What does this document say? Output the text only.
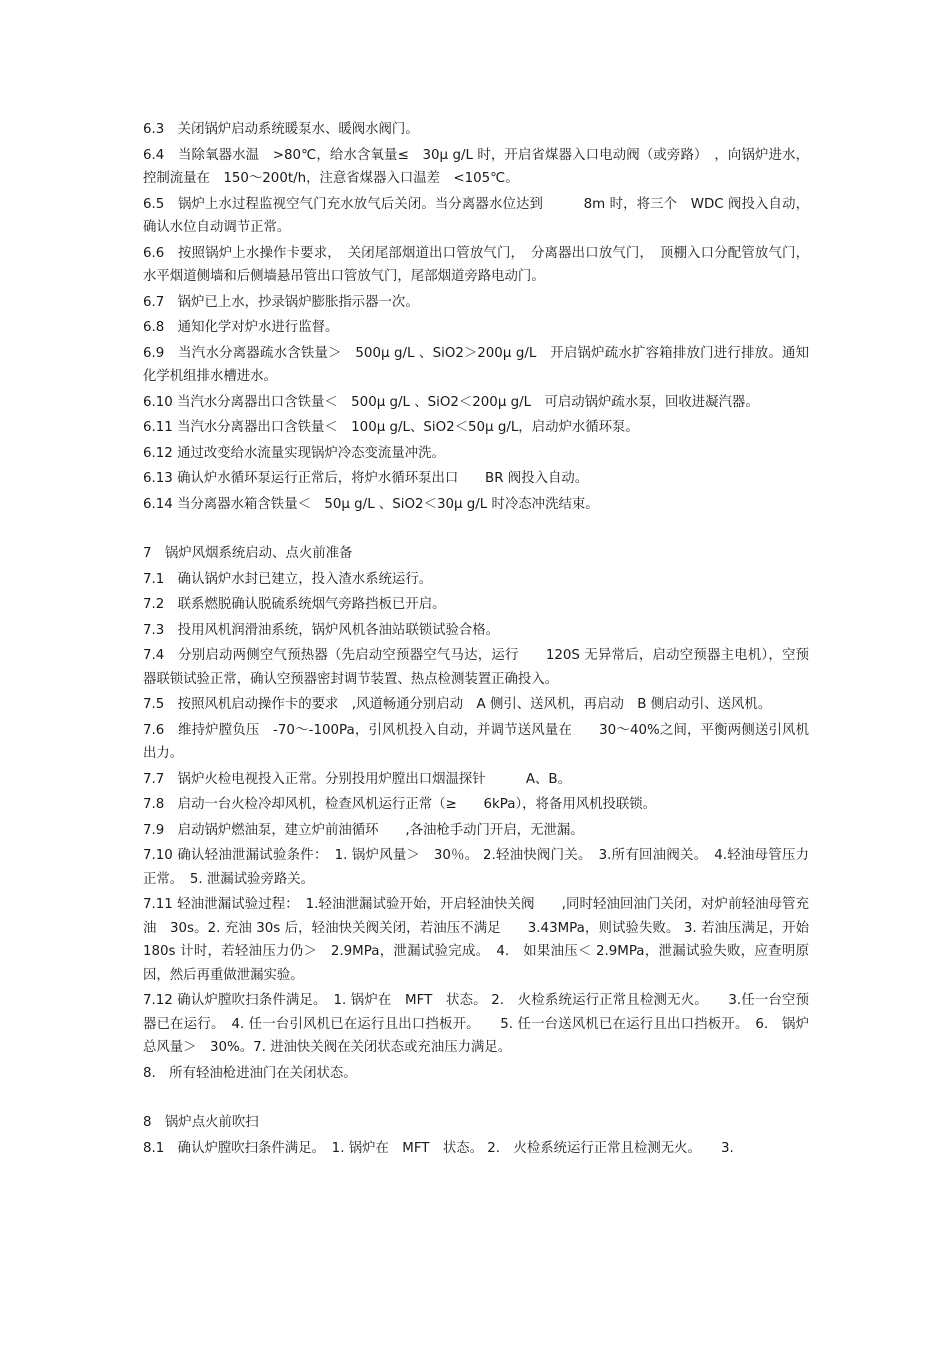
6.3　关闭锅炉启动系统暖泵水、暖阀水阀门。

6.4　当除氧器水温　>80℃，给水含氧量≤　30μ g/L 时，开启省煤器入口电动阀（或旁路）　，向锅炉进水，控制流量在　150～200t/h，注意省煤器入口温差　<105℃。

6.5　锅炉上水过程监视空气门充水放气后关闭。当分离器水位达到　　　8m 时，将三个　WDC 阀投入自动，确认水位自动调节正常。

6.6　按照锅炉上水操作卡要求，　关闭尾部烟道出口管放气门，　分离器出口放气门，　顶棚入口分配管放气门，水平烟道侧墙和后侧墙悬吊管出口管放气门，尾部烟道旁路电动门。

6.7　锅炉已上水，抄录锅炉膨胀指示器一次。

6.8　通知化学对炉水进行监督。

6.9　当汽水分离器疏水含铁量＞　500μ g/L 、SiO2＞200μ g/L　开启锅炉疏水扩容箱排放门进行排放。通知化学机组排水槽进水。

6.10 当汽水分离器出口含铁量＜　500μ g/L 、SiO2＜200μ g/L　可启动锅炉疏水泵，回收进凝汽器。

6.11 当汽水分离器出口含铁量＜　100μ g/L、SiO2＜50μ g/L，启动炉水循环泵。

6.12 通过改变给水流量实现锅炉冷态变流量冲洗。

6.13 确认炉水循环泵运行正常后，将炉水循环泵出口　　BR 阀投入自动。

6.14 当分离器水箱含铁量＜　50μ g/L 、SiO2＜30μ g/L 时冷态冲洗结束。

7　锅炉风烟系统启动、点火前准备

7.1　确认锅炉水封已建立，投入渣水系统运行。

7.2　联系燃脱确认脱硫系统烟气旁路挡板已开启。

7.3　投用风机润滑油系统，锅炉风机各油站联锁试验合格。

7.4　分别启动两侧空气预热器（先启动空预器空气马达，运行　　120S 无异常后，启动空预器主电机），空预器联锁试验正常，确认空预器密封调节装置、热点检测装置正确投入。

7.5　按照风机启动操作卡的要求　,风道畅通分别启动　A 侧引、送风机，再启动　B 侧启动引、送风机。

7.6　维持炉膛负压　-70～-100Pa，引风机投入自动，并调节送风量在　　30～40%之间，平衡两侧送引风机出力。

7.7　锅炉火检电视投入正常。分别投用炉膛出口烟温探针　　　A、B。

7.8　启动一台火检冷却风机，检查风机运行正常（≥　　6kPa），将备用风机投联锁。

7.9　启动锅炉燃油泵，建立炉前油循环　　,各油枪手动门开启，无泄漏。

7.10 确认轻油泄漏试验条件：　1. 锅炉风量＞　30％。 2.轻油快阀门关。　3.所有回油阀关。　4.轻油母管压力正常。　5. 泄漏试验旁路关。

7.11 轻油泄漏试验过程：　1.轻油泄漏试验开始，开启轻油快关阀　　,同时轻油回油门关闭，对炉前轻油母管充油　30s。2. 充油 30s 后，轻油快关阀关闭，若油压不满足　　3.43MPa，则试验失败。 3. 若油压满足，开始　180s 计时，若轻油压力仍＞　2.9MPa，泄漏试验完成。　4.　如果油压＜ 2.9MPa，泄漏试验失败，应查明原因，然后再重做泄漏实验。

7.12 确认炉膛吹扫条件满足。　1. 锅炉在　MFT　状态。 2.　火检系统运行正常且检测无火。　　3.任一台空预器已在运行。　4. 任一台引风机已在运行且出口挡板开。　　5. 任一台送风机已在运行且出口挡板开。　6.　锅炉总风量＞　30%。7. 进油快关阀在关闭状态或充油压力满足。

8.　所有轻油枪进油门在关闭状态。

8　锅炉点火前吹扫

8.1　确认炉膛吹扫条件满足。　1. 锅炉在　MFT　状态。 2.　火检系统运行正常且检测无火。　　3.
